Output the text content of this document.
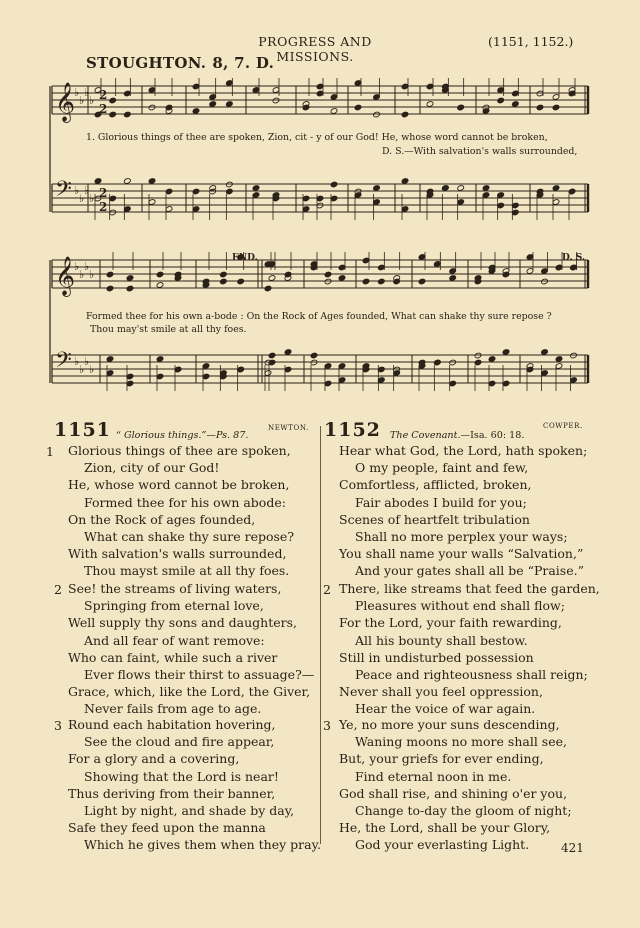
PROGRESS AND MISSIONS.
(1151, 1152.)
STOUGHTON. 8, 7. D.
𝄞
♭
♭
♭
♭
𝄢 ♭
♭
♭
♭
𝄞
♭
♭
♭
♭
𝄢 ♭
♭
♭
♭
2
2
2
2
END.	D. S.
1. Glorious things of thee are spoken, Zion, cit - y of our God! He, whose word cannot be broken,
D. S.—With salvation's walls surrounded,
Formed thee for his own a-bode : On the Rock of Ages founded, What can shake thy sure repose ?
Thou may'st smile at all thy foes.
1151 “ Glorious things.”—Ps. 87.
NEWTON. 1152 The Covenant.—Isa. 60: 18.
COWPER.
1 Glorious things of thee are spoken,
Zion, city of our God!
He, whose word cannot be broken,
Formed thee for his own abode:
On the Rock of ages founded,
What can shake thy sure repose?
With salvation's walls surrounded,
Thou mayst smile at all thy foes.
2 See! the streams of living waters,
Springing from eternal love,
Well supply thy sons and daughters,
And all fear of want remove:
Who can faint, while such a river
Ever flows their thirst to assuage?—
Grace, which, like the Lord, the Giver,
Never fails from age to age.
3 Round each habitation hovering,
See the cloud and fire appear,
For a glory and a covering,
Showing that the Lord is near!
Thus deriving from their banner,
Light by night, and shade by day,
Safe they feed upon the manna
Which he gives them when they pray.
Hear what God, the Lord, hath spoken;
O my people, faint and few,
Comfortless, afflicted, broken,
Fair abodes I build for you;
Scenes of heartfelt tribulation
Shall no more perplex your ways;
You shall name your walls “Salvation,”
And your gates shall all be “Praise.”
2 There, like streams that feed the garden,
Pleasures without end shall flow;
For the Lord, your faith rewarding,
All his bounty shall bestow.
Still in undisturbed possession
Peace and righteousness shall reign;
Never shall you feel oppression,
Hear the voice of war again.
3 Ye, no more your suns descending,
Waning moons no more shall see,
But, your griefs for ever ending,
Find eternal noon in me.
God shall rise, and shining o'er you,
Change to-day the gloom of night;
He, the Lord, shall be your Glory,
God your everlasting Light.	421
